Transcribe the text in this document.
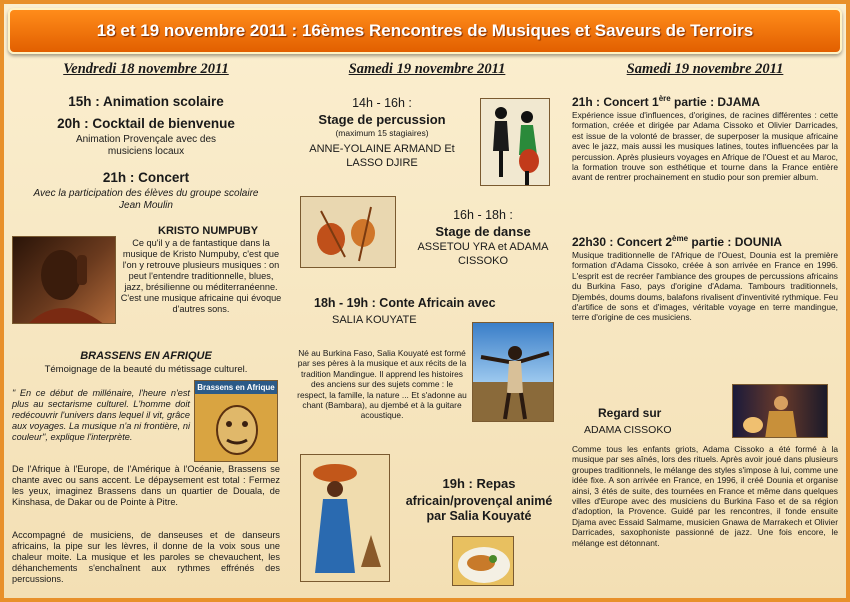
18 et 19 novembre 2011 : 16èmes Rencontres de Musiques et Saveurs de Terroirs
Vendredi 18 novembre 2011
15h : Animation scolaire
20h : Cocktail de bienvenue
Animation Provençale avec des musiciens locaux
21h : Concert
Avec la participation des élèves du groupe scolaire Jean Moulin
KRISTO NUMPUBY
Ce qu'il y a de fantastique dans la musique de Kristo Numpuby, c'est que l'on y retrouve plusieurs musiques : on peut l'entendre traditionnelle, blues, jazz, brésilienne ou méditerranéenne. C'est une musique africaine qui évoque d'autres sons.
BRASSENS EN AFRIQUE
Témoignage de la beauté du métissage culturel.
" En ce début de millénaire, l'heure n'est plus au sectarisme culturel. L'homme doit redécouvrir l'univers dans lequel il vit, grâce aux voyages. La musique n'a ni frontière, ni couleur", explique l'interprète.
Brassens en Afrique
De l'Afrique à l'Europe, de l'Amérique à l'Océanie, Brassens se chante avec ou sans accent. Le dépaysement est total : Fermez les yeux, imaginez Brassens dans un quartier de Douala, de Kinshasa, de Dakar ou de Pointe à Pitre.
Accompagné de musiciens, de danseuses et de danseurs africains, la pipe sur les lèvres, il donne de la voix sous une chaleur moite. La musique et les paroles se chevauchent, les déhanchements s'enchaînent aux rythmes effrénés des percussions.
Samedi 19 novembre 2011
14h - 16h :
Stage de percussion
(maximum 15 stagiaires)
ANNE-YOLAINE ARMAND Et LASSO DJIRE
16h - 18h :
Stage de danse
ASSETOU YRA et ADAMA CISSOKO
18h - 19h : Conte Africain avec
SALIA KOUYATE
Né au Burkina Faso, Salia Kouyaté est formé par ses pères à la musique et aux récits de la tradition Mandingue. Il apprend les histoires des anciens sur des sujets comme : le respect, la famille, la nature ... Et s'adonne au chant (Bambara), au djembé et à la guitare acoustique.
19h : Repas
africain/provençal animé par Salia Kouyaté
Samedi 19 novembre 2011
21h : Concert 1ère partie : DJAMA
Expérience issue d'influences, d'origines, de racines différentes : cette formation, créée et dirigée par Adama Cissoko et Olivier Darricades, est issue de la volonté de brasser, de superposer la musique africaine avec le jazz, mais aussi les musiques latines, toutes influencées par la percussion. Après plusieurs voyages en Afrique de l'Ouest et au Maroc, la formation trouve son esthétique et tourne dans la France entière avant de rentrer prochainement en studio pour son premier album.
22h30 : Concert 2ème partie : DOUNIA
Musique traditionnelle de l'Afrique de l'Ouest, Dounia est la première formation d'Adama Cissoko, créée à son arrivée en France en 1996. L'esprit est de recréer l'ambiance des groupes de percussions africains du Burkina Faso, pays d'origine d'Adama. Tambours traditionnels, Djembés, doums doums, balafons rivalisent d'inventivité rythmique. Feu d'artifice de sons et d'images, véritable voyage en terre mandingue, terre d'origine de ces musiciens.
Regard sur
ADAMA CISSOKO
Comme tous les enfants griots, Adama Cissoko a été formé à la musique par ses aînés, lors des rituels. Après avoir joué dans plusieurs groupes traditionnels, le mélange des styles s'impose à lui, comme une idée fixe. A son arrivée en France, en 1996, il créé Dounia et organise ainsi, 3 étés de suite, des tournées en France et même dans quelques villes d'Europe avec des musiciens du Burkina Faso et de sa région d'adoption, la Provence. Guidé par les rencontres, il fonde ensuite Djama avec Essaid Salmame, musicien Gnawa de Marrakech et Olivier Darricades, saxophoniste passionné de jazz. Une fois encore, le mélange est détonnant.
